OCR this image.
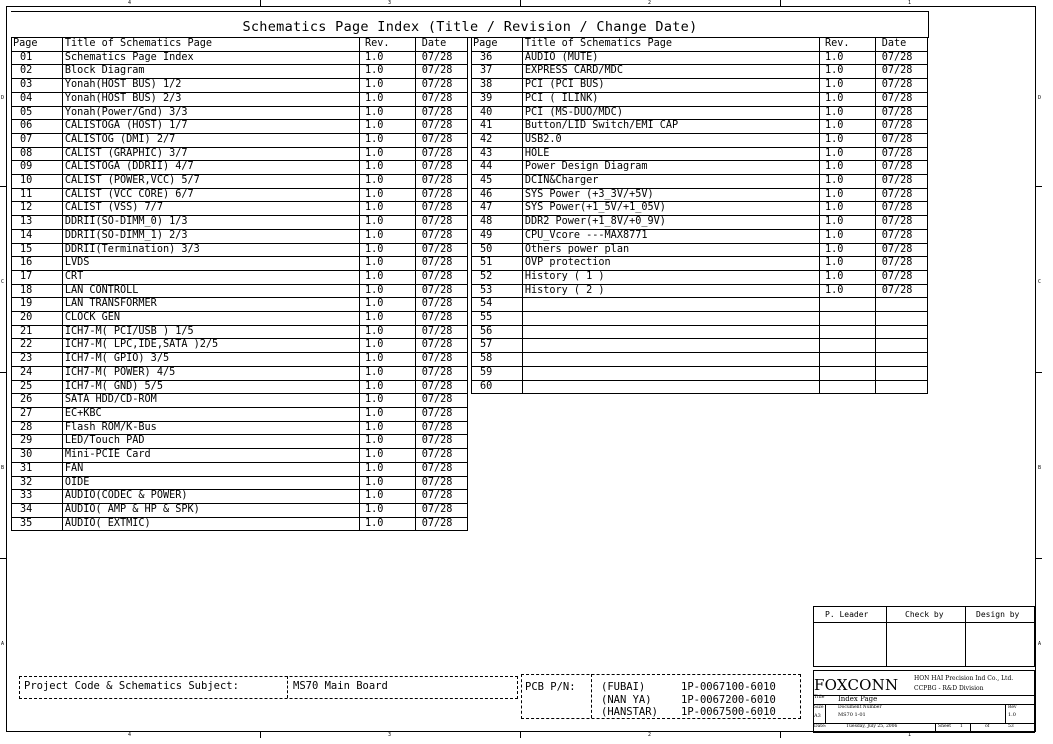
4	3	2	1
4	3	2	1
D
C
B
A
D
C
B
A
Schematics Page Index (Title / Revision / Change Date)
Page	Title of Schematics Page	Rev.	Date
01	Schematics Page Index	1.0	07/28
02	Block Diagram	1.0	07/28
03	Yonah(HOST BUS) 1/2	1.0	07/28
04	Yonah(HOST BUS) 2/3	1.0	07/28
05	Yonah(Power/Gnd) 3/3	1.0	07/28
06	CALISTOGA (HOST) 1/7	1.0	07/28
07	CALISTOG (DMI) 2/7	1.0	07/28
08	CALIST (GRAPHIC) 3/7	1.0	07/28
09	CALISTOGA (DDRII) 4/7	1.0	07/28
10	CALIST (POWER,VCC) 5/7	1.0	07/28
11	CALIST (VCC CORE) 6/7	1.0	07/28
12	CALIST (VSS) 7/7	1.0	07/28
13	DDRII(SO-DIMM_0) 1/3	1.0	07/28
14	DDRII(SO-DIMM_1) 2/3	1.0	07/28
15	DDRII(Termination) 3/3	1.0	07/28
16	LVDS	1.0	07/28
17	CRT	1.0	07/28
18	LAN CONTROLL	1.0	07/28
19	LAN TRANSFORMER	1.0	07/28
20	CLOCK GEN	1.0	07/28
21	ICH7-M( PCI/USB ) 1/5	1.0	07/28
22	ICH7-M( LPC,IDE,SATA )2/5	1.0	07/28
23	ICH7-M( GPIO) 3/5	1.0	07/28
24	ICH7-M( POWER) 4/5	1.0	07/28
25	ICH7-M( GND) 5/5	1.0	07/28
26	SATA HDD/CD-ROM	1.0	07/28
27	EC+KBC	1.0	07/28
28	Flash ROM/K-Bus	1.0	07/28
29	LED/Touch PAD	1.0	07/28
30	Mini-PCIE Card	1.0	07/28
31	FAN	1.0	07/28
32	OIDE	1.0	07/28
33	AUDIO(CODEC & POWER)	1.0	07/28
34	AUDIO( AMP & HP & SPK)	1.0	07/28
35	AUDIO( EXTMIC)	1.0	07/28
Page	Title of Schematics Page	Rev.	Date
36	AUDIO (MUTE)	1.0	07/28
37	EXPRESS CARD/MDC	1.0	07/28
38	PCI (PCI BUS)	1.0	07/28
39	PCI ( ILINK)	1.0	07/28
40	PCI (MS-DUO/MDC)	1.0	07/28
41	Button/LID Switch/EMI CAP	1.0	07/28
42	USB2.0	1.0	07/28
43	HOLE	1.0	07/28
44	Power Design Diagram	1.0	07/28
45	DCIN&Charger	1.0	07/28
46	SYS Power (+3_3V/+5V)	1.0	07/28
47	SYS Power(+1_5V/+1_05V)	1.0	07/28
48	DDR2 Power(+1_8V/+0_9V)	1.0	07/28
49	CPU_Vcore ---MAX8771	1.0	07/28
50	Others power plan	1.0	07/28
51	OVP protection	1.0	07/28
52	History ( 1 )	1.0	07/28
53	History ( 2 )	1.0	07/28
54			
55			
56			
57			
58			
59			
60			
P. Leader	Check by	Design by
Project Code & Schematics Subject:	MS70 Main Board	PCB P/N: (FUBAI)	1P-0067100-6010
(NAN YA)	1P-0067200-6010
(HANSTAR) 1P-0067500-6010
FOXCONN	HON HAI Precision Ind Co., Ltd.
CCPBG - R&D Division
Title Index Page
Size
A3
Document Number
MS70 1-01
Rev
1.0
Date:	Tuesday, July 25, 2006	Sheet 1	of	53
